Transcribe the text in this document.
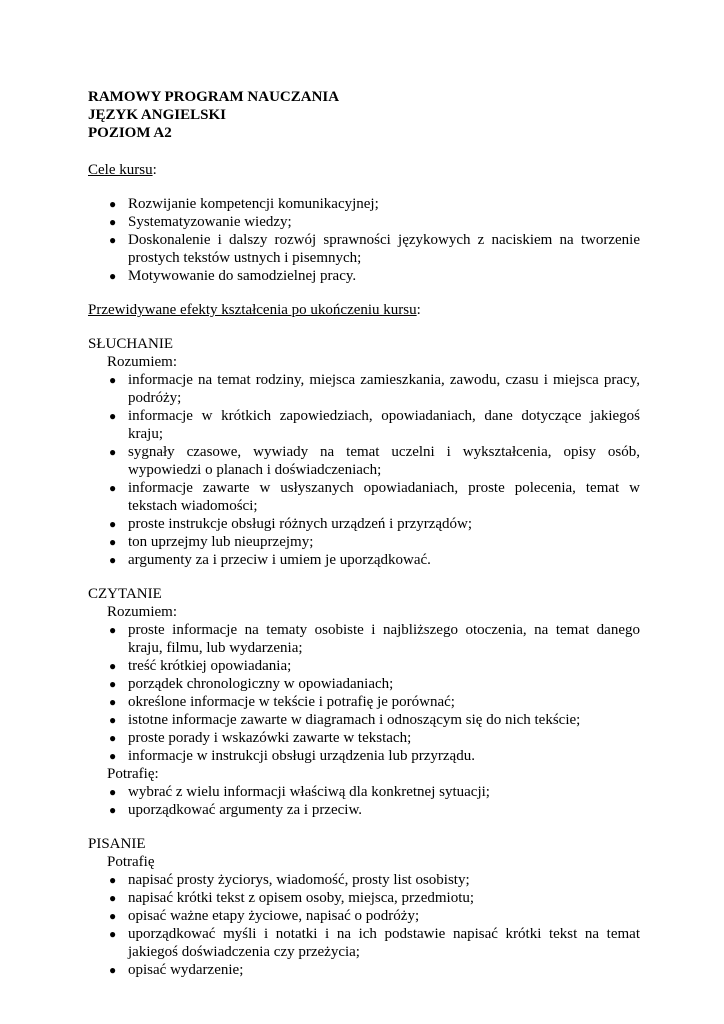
RAMOWY PROGRAM NAUCZANIA
JĘZYK ANGIELSKI
POZIOM A2
Cele kursu:
● Rozwijanie kompetencji komunikacyjnej;
● Systematyzowanie wiedzy;
● Doskonalenie i dalszy rozwój sprawności językowych z naciskiem na tworzenie prostych tekstów ustnych i pisemnych;
● Motywowanie do samodzielnej pracy.
Przewidywane efekty kształcenia po ukończeniu kursu:
SŁUCHANIE
Rozumiem:
● informacje na temat rodziny, miejsca zamieszkania, zawodu, czasu i miejsca pracy, podróży;
● informacje w krótkich zapowiedziach, opowiadaniach, dane dotyczące jakiegoś kraju;
● sygnały czasowe, wywiady na temat uczelni i wykształcenia, opisy osób, wypowiedzi o planach i doświadczeniach;
● informacje zawarte w usłyszanych opowiadaniach, proste polecenia, temat w tekstach wiadomości;
● proste instrukcje obsługi różnych urządzeń i przyrządów;
● ton uprzejmy lub nieuprzejmy;
● argumenty za i przeciw i umiem je uporządkować.
CZYTANIE
Rozumiem:
● proste informacje na tematy osobiste i najbliższego otoczenia, na temat danego kraju, filmu, lub wydarzenia;
● treść krótkiej opowiadania;
● porządek chronologiczny w opowiadaniach;
● określone informacje w tekście i potrafię je porównać;
● istotne informacje zawarte w diagramach i odnoszącym się do nich tekście;
● proste porady i wskazówki zawarte w tekstach;
● informacje w instrukcji obsługi urządzenia lub przyrządu.
Potrafię:
● wybrać z wielu informacji właściwą dla konkretnej sytuacji;
● uporządkować argumenty za i przeciw.
PISANIE
Potrafię
● napisać prosty życiorys, wiadomość, prosty list osobisty;
● napisać krótki tekst z opisem osoby, miejsca, przedmiotu;
● opisać ważne etapy życiowe, napisać o podróży;
● uporządkować myśli i notatki i na ich podstawie napisać krótki tekst na temat jakiegoś doświadczenia czy przeżycia;
● opisać wydarzenie;
